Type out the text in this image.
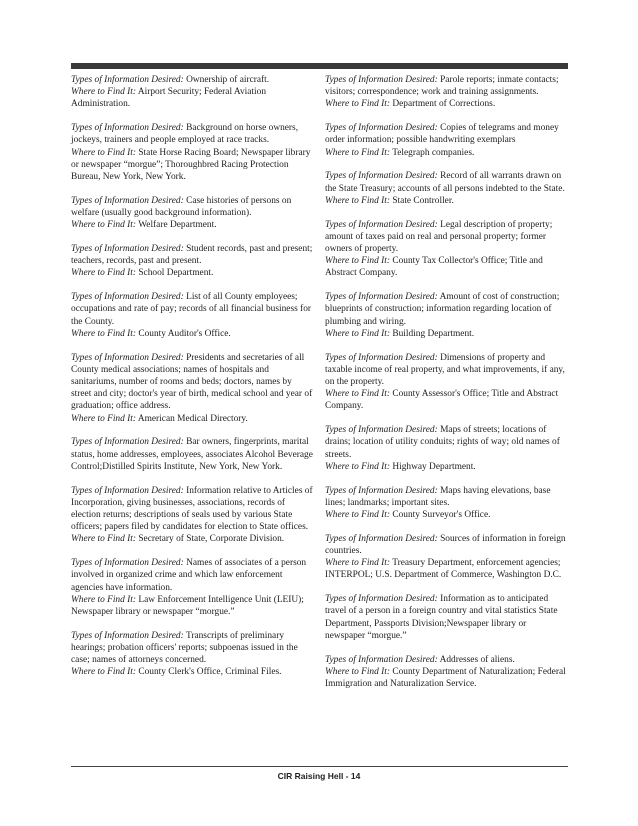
Types of Information Desired: Ownership of aircraft.
Where to Find It: Airport Security; Federal Aviation Administration.
Types of Information Desired: Background on horse owners, jockeys, trainers and people employed at race tracks.
Where to Find It: State Horse Racing Board; Newspaper library or newspaper “morgue”; Thoroughbred Racing Protection Bureau, New York, New York.
Types of Information Desired: Case histories of persons on welfare (usually good background information).
Where to Find It: Welfare Department.
Types of Information Desired: Student records, past and present; teachers, records, past and present.
Where to Find It: School Department.
Types of Information Desired: List of all County employees; occupations and rate of pay; records of all financial business for the County.
Where to Find It: County Auditor's Office.
Types of Information Desired: Presidents and secretaries of all County medical associations; names of hospitals and sanitariums, number of rooms and beds; doctors, names by street and city; doctor's year of birth, medical school and year of graduation; office address.
Where to Find It: American Medical Directory.
Types of Information Desired: Bar owners, fingerprints, marital status, home addresses, employees, associates Alcohol Beverage Control;Distilled Spirits Institute, New York, New York.
Types of Information Desired: Information relative to Articles of Incorporation, giving businesses, associations, records of election returns; descriptions of seals used by various State officers; papers filed by candidates for election to State offices.
Where to Find It: Secretary of State, Corporate Division.
Types of Information Desired: Names of associates of a person involved in organized crime and which law enforcement agencies have information.
Where to Find It: Law Enforcement Intelligence Unit (LEIU); Newspaper library or newspaper “morgue.”
Types of Information Desired: Transcripts of preliminary hearings; probation officers' reports; subpoenas issued in the case; names of attorneys concerned.
Where to Find It: County Clerk's Office, Criminal Files.
Types of Information Desired: Parole reports; inmate contacts; visitors; correspondence; work and training assignments.
Where to Find It: Department of Corrections.
Types of Information Desired: Copies of telegrams and money order information; possible handwriting exemplars
Where to Find It: Telegraph companies.
Types of Information Desired: Record of all warrants drawn on the State Treasury; accounts of all persons indebted to the State.
Where to Find It: State Controller.
Types of Information Desired: Legal description of property; amount of taxes paid on real and personal property; former owners of property.
Where to Find It: County Tax Collector's Office; Title and Abstract Company.
Types of Information Desired: Amount of cost of construction; blueprints of construction; information regarding location of plumbing and wiring.
Where to Find It: Building Department.
Types of Information Desired: Dimensions of property and taxable income of real property, and what improvements, if any, on the property.
Where to Find It: County Assessor's Office; Title and Abstract Company.
Types of Information Desired: Maps of streets; locations of drains; location of utility conduits; rights of way; old names of streets.
Where to Find It: Highway Department.
Types of Information Desired: Maps having elevations, base lines; landmarks; important sites.
Where to Find It: County Surveyor's Office.
Types of Information Desired: Sources of information in foreign countries.
Where to Find It: Treasury Department, enforcement agencies; INTERPOL; U.S. Department of Commerce, Washington D.C.
Types of Information Desired: Information as to anticipated travel of a person in a foreign country and vital statistics State Department, Passports Division;Newspaper library or newspaper “morgue.”
Types of Information Desired: Addresses of aliens.
Where to Find It: County Department of Naturalization; Federal Immigration and Naturalization Service.
CIR Raising Hell - 14
